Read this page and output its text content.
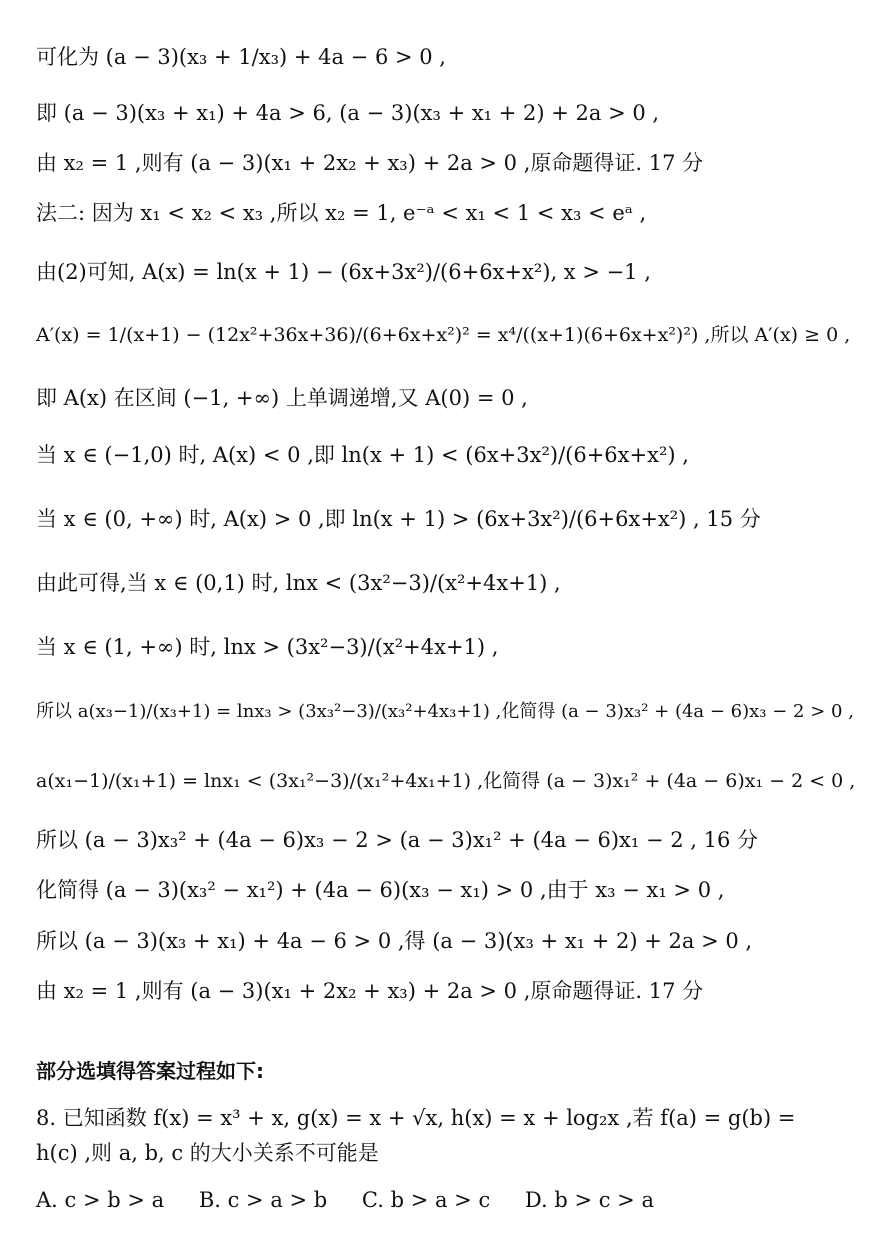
可化为 (a − 3)(x₃ + 1/x₃) + 4a − 6 > 0 ,
即 (a − 3)(x₃ + x₁) + 4a > 6, (a − 3)(x₃ + x₁ + 2) + 2a > 0 ,
由 x₂ = 1 ,则有 (a − 3)(x₁ + 2x₂ + x₃) + 2a > 0 ,原命题得证. 17 分
法二: 因为 x₁ < x₂ < x₃ ,所以 x₂ = 1, e⁻ᵃ < x₁ < 1 < x₃ < eᵃ ,
由(2)可知, A(x) = ln(x + 1) − (6x+3x²)/(6+6x+x²), x > −1 ,
A′(x) = 1/(x+1) − (12x²+36x+36)/(6+6x+x²)² = x⁴/((x+1)(6+6x+x²)²) ,所以 A′(x) ≥ 0 ,
即 A(x) 在区间 (−1, +∞) 上单调递增,又 A(0) = 0 ,
当 x ∈ (−1,0) 时, A(x) < 0 ,即 ln(x + 1) < (6x+3x²)/(6+6x+x²) ,
当 x ∈ (0, +∞) 时, A(x) > 0 ,即 ln(x + 1) > (6x+3x²)/(6+6x+x²) , 15 分
由此可得,当 x ∈ (0,1) 时, lnx < (3x²−3)/(x²+4x+1) ,
当 x ∈ (1, +∞) 时, lnx > (3x²−3)/(x²+4x+1) ,
所以 a(x₃−1)/(x₃+1) = lnx₃ > (3x₃²−3)/(x₃²+4x₃+1) ,化简得 (a − 3)x₃² + (4a − 6)x₃ − 2 > 0 ,
a(x₁−1)/(x₁+1) = lnx₁ < (3x₁²−3)/(x₁²+4x₁+1) ,化简得 (a − 3)x₁² + (4a − 6)x₁ − 2 < 0 ,
所以 (a − 3)x₃² + (4a − 6)x₃ − 2 > (a − 3)x₁² + (4a − 6)x₁ − 2 , 16 分
化简得 (a − 3)(x₃² − x₁²) + (4a − 6)(x₃ − x₁) > 0 ,由于 x₃ − x₁ > 0 ,
所以 (a − 3)(x₃ + x₁) + 4a − 6 > 0 ,得 (a − 3)(x₃ + x₁ + 2) + 2a > 0 ,
由 x₂ = 1 ,则有 (a − 3)(x₁ + 2x₂ + x₃) + 2a > 0 ,原命题得证. 17 分
部分选填得答案过程如下:
8. 已知函数 f(x) = x³ + x, g(x) = x + √x, h(x) = x + log₂x ,若 f(a) = g(b) =
h(c) ,则 a, b, c 的大小关系不可能是
A. c > b > a B. c > a > b C. b > a > c D. b > c > a
